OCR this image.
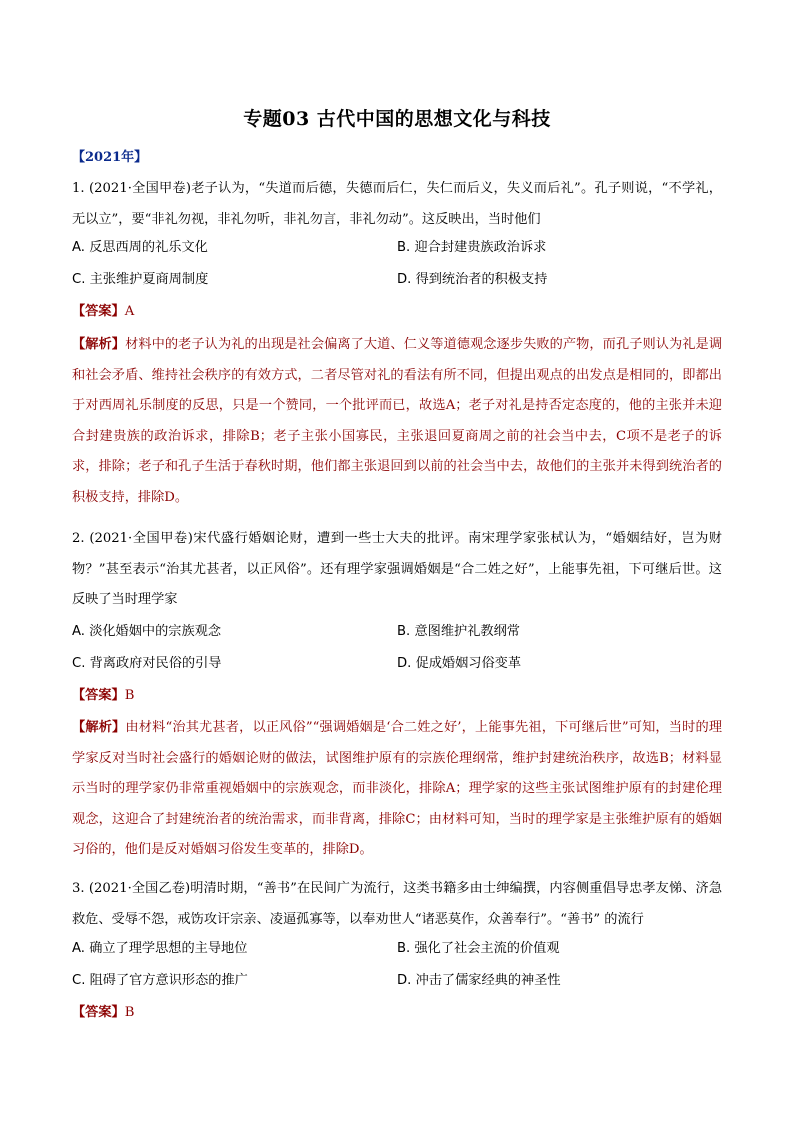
专题03 古代中国的思想文化与科技
【2021年】
1. (2021·全国甲卷)老子认为，“失道而后德，失德而后仁，失仁而后义，失义而后礼”。孔子则说，“不学礼，无以立”，要“非礼勿视，非礼勿听，非礼勿言，非礼勿动”。这反映出，当时他们
A. 反思西周的礼乐文化	B. 迎合封建贵族政治诉求
C. 主张维护夏商周制度	D. 得到统治者的积极支持
【答案】A
【解析】材料中的老子认为礼的出现是社会偏离了大道、仁义等道德观念逐步失败的产物，而孔子则认为礼是调和社会矛盾、维持社会秩序的有效方式，二者尽管对礼的看法有所不同，但提出观点的出发点是相同的，即都出于对西周礼乐制度的反思，只是一个赞同，一个批评而已，故选A；老子对礼是持否定态度的，他的主张并未迎合封建贵族的政治诉求，排除B；老子主张小国寡民，主张退回夏商周之前的社会当中去，C项不是老子的诉求，排除；老子和孔子生活于春秋时期，他们都主张退回到以前的社会当中去，故他们的主张并未得到统治者的积极支持，排除D。
2. (2021·全国甲卷)宋代盛行婚姻论财，遭到一些士大夫的批评。南宋理学家张栻认为，“婚姻结好，岂为财物？”甚至表示“治其尤甚者，以正风俗”。还有理学家强调婚姻是“合二姓之好”，上能事先祖，下可继后世。这反映了当时理学家
A. 淡化婚姻中的宗族观念	B. 意图维护礼教纲常
C. 背离政府对民俗的引导	D. 促成婚姻习俗变革
【答案】B
【解析】由材料“治其尤甚者，以正风俗”“强调婚姻是‘合二姓之好’，上能事先祖，下可继后世”可知，当时的理学家反对当时社会盛行的婚姻论财的做法，试图维护原有的宗族伦理纲常，维护封建统治秩序，故选B；材料显示当时的理学家仍非常重视婚姻中的宗族观念，而非淡化，排除A；理学家的这些主张试图维护原有的封建伦理观念，这迎合了封建统治者的统治需求，而非背离，排除C；由材料可知，当时的理学家是主张维护原有的婚姻习俗的，他们是反对婚姻习俗发生变革的，排除D。
3. (2021·全国乙卷)明清时期，“善书”在民间广为流行，这类书籍多由士绅编撰，内容侧重倡导忠孝友悌、济急救危、受辱不怨，戒饬攻讦宗亲、凌逼孤寡等，以奉劝世人“诸恶莫作，众善奉行”。“善书” 的流行
A. 确立了理学思想的主导地位	B. 强化了社会主流的价值观
C. 阻碍了官方意识形态的推广	D. 冲击了儒家经典的神圣性
【答案】B
